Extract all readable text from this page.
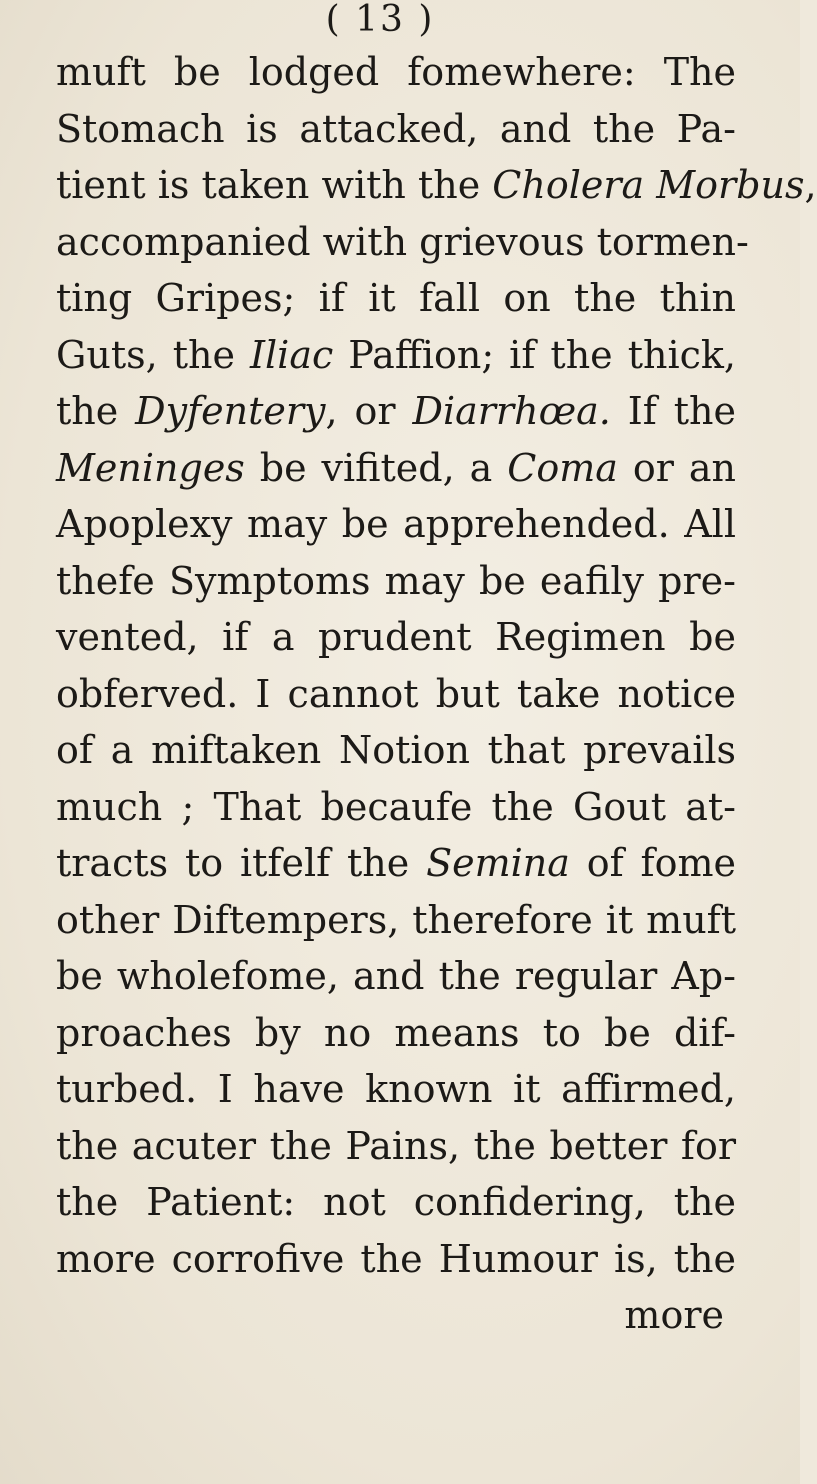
( 13 )
muft be lodged fomewhere: The
Stomach is attacked, and the Pa-
tient is taken with the Cholera Morbus,
accompanied with grievous tormen-
ting Gripes; if it fall on the thin
Guts, the Iliac Paffion; if the thick,
the Dyfentery, or Diarrhœa. If the
Meninges be vifited, a Coma or an
Apoplexy may be apprehended. All
thefe Symptoms may be eafily pre-
vented, if a prudent Regimen be
obferved. I cannot but take notice
of a miftaken Notion that prevails
much ; That becaufe the Gout at-
tracts to itfelf the Semina of fome
other Diftempers, therefore it muft
be wholefome, and the regular Ap-
proaches by no means to be dif-
turbed. I have known it affirmed,
the acuter the Pains, the better for
the Patient: not confidering, the
more corrofive the Humour is, the
more
